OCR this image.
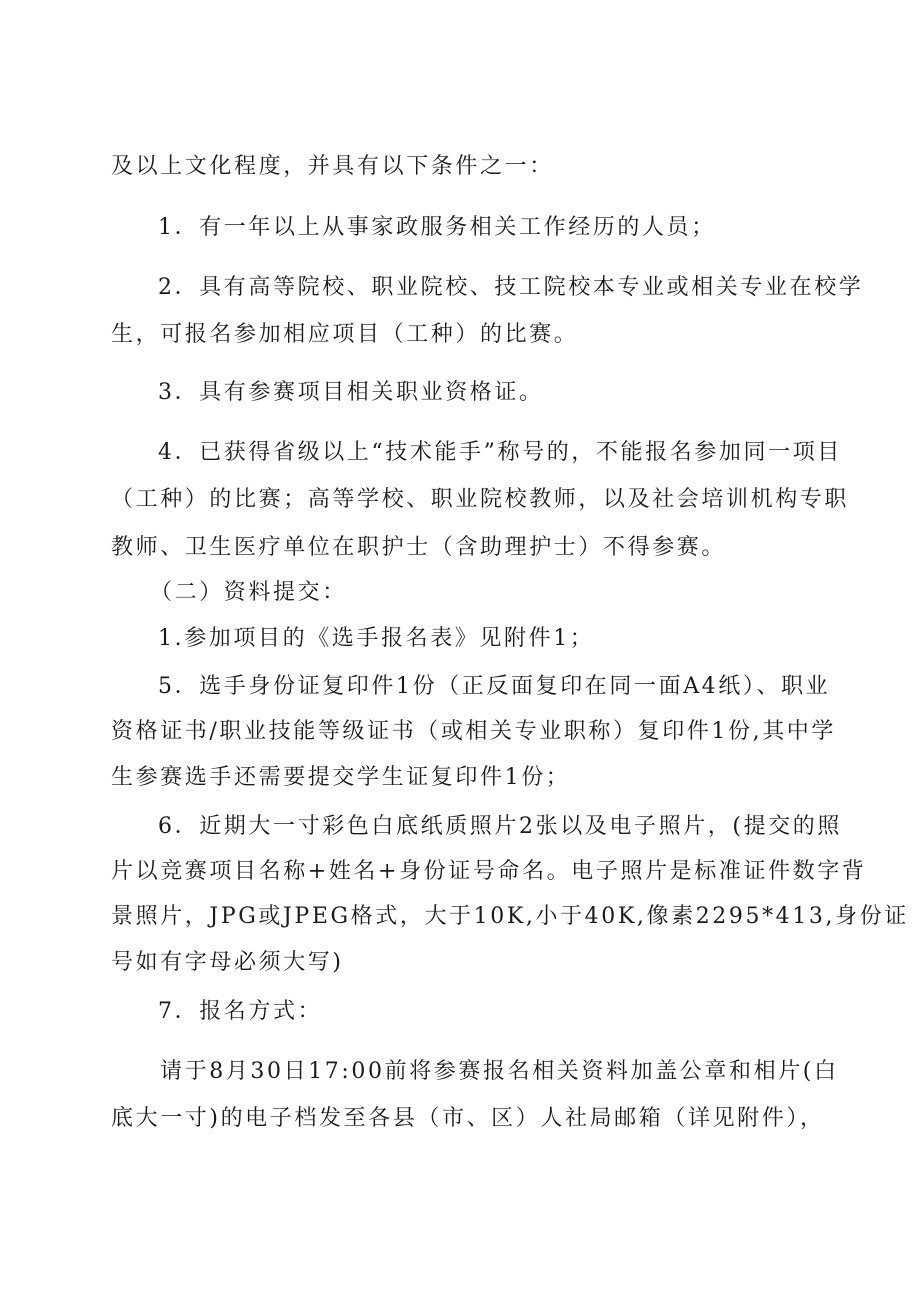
及以上文化程度，并具有以下条件之一：
1．有一年以上从事家政服务相关工作经历的人员；
2．具有高等院校、职业院校、技工院校本专业或相关专业在校学
生，可报名参加相应项目（工种）的比赛。
3．具有参赛项目相关职业资格证。
4．已获得省级以上“技术能手”称号的，不能报名参加同一项目
（工种）的比赛；高等学校、职业院校教师，以及社会培训机构专职
教师、卫生医疗单位在职护士（含助理护士）不得参赛。
（二）资料提交：
1.参加项目的《选手报名表》见附件1；
5．选手身份证复印件1份（正反面复印在同一面A4纸）、职业
资格证书/职业技能等级证书（或相关专业职称）复印件1份,其中学
生参赛选手还需要提交学生证复印件1份；
6．近期大一寸彩色白底纸质照片2张以及电子照片，(提交的照
片以竞赛项目名称+姓名+身份证号命名。电子照片是标准证件数字背
景照片，JPG或JPEG格式，大于10K,小于40K,像素2295*413,身份证
号如有字母必须大写)
7．报名方式：
请于8月30日17:00前将参赛报名相关资料加盖公章和相片(白
底大一寸)的电子档发至各县（市、区）人社局邮箱（详见附件），
